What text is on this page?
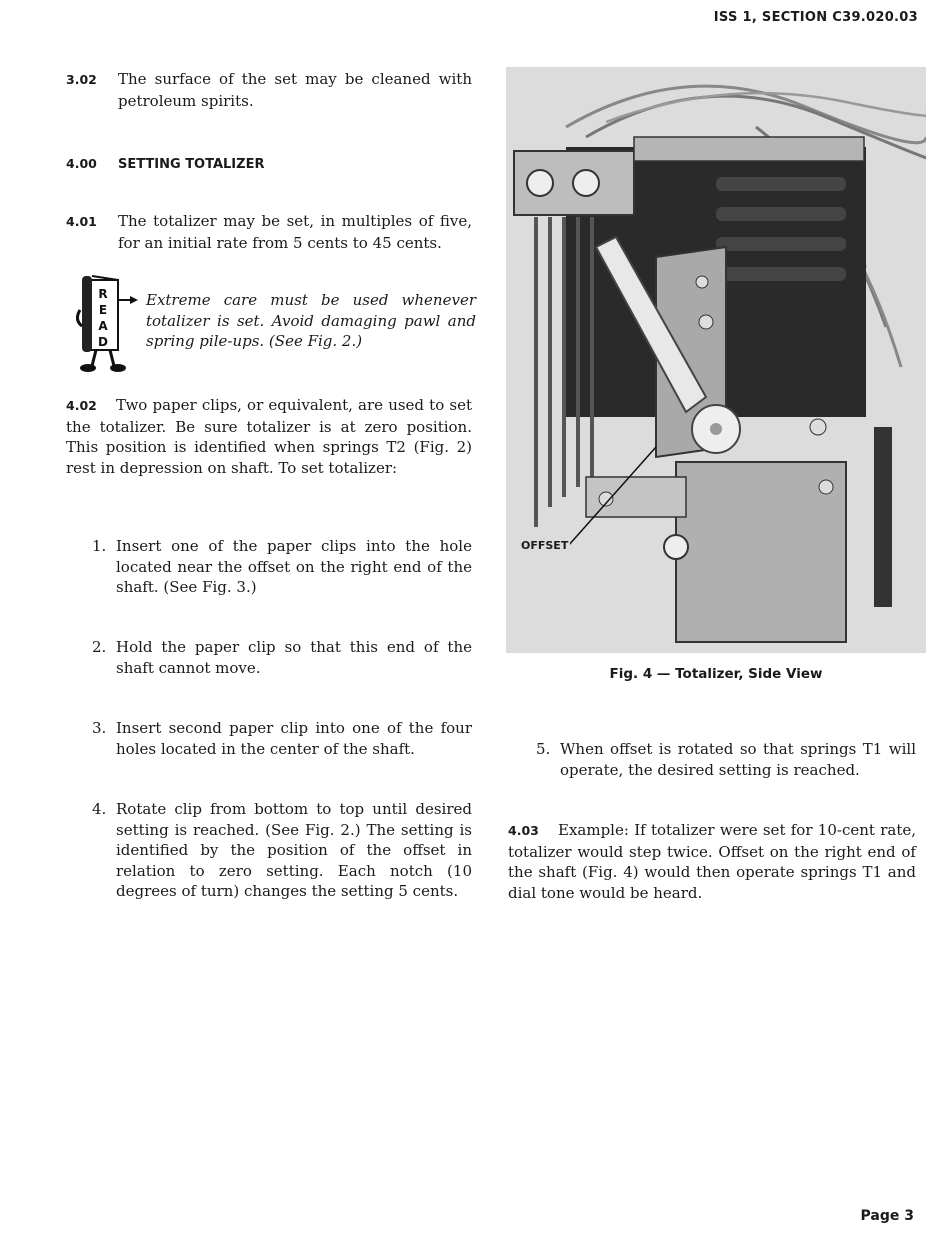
ISS 1, SECTION C39.020.03
3.02 The surface of the set may be cleaned with petroleum spirits.
4.00 SETTING TOTALIZER
4.01 The totalizer may be set, in multiples of five, for an initial rate from 5 cents to 45 cents.
R
E
A
D
Extreme care must be used whenever totalizer is set. Avoid damaging pawl and spring pile-ups. (See Fig. 2.)
4.02 Two paper clips, or equivalent, are used to set the totalizer. Be sure totalizer is at zero position. This position is identified when springs T2 (Fig. 2) rest in depression on shaft. To set totalizer:
1. Insert one of the paper clips into the hole located near the offset on the right end of the shaft. (See Fig. 3.)
2. Hold the paper clip so that this end of the shaft cannot move.
3. Insert second paper clip into one of the four holes located in the center of the shaft.
4. Rotate clip from bottom to top until desired setting is reached. (See Fig. 2.) The setting is identified by the position of the offset in relation to zero setting. Each notch (10 degrees of turn) changes the setting 5 cents.
OFFSET
Fig. 4 — Totalizer, Side View
5. When offset is rotated so that springs T1 will operate, the desired setting is reached.
4.03 Example: If totalizer were set for 10-cent rate, totalizer would step twice. Offset on the right end of the shaft (Fig. 4) would then operate springs T1 and dial tone would be heard.
Page 3
